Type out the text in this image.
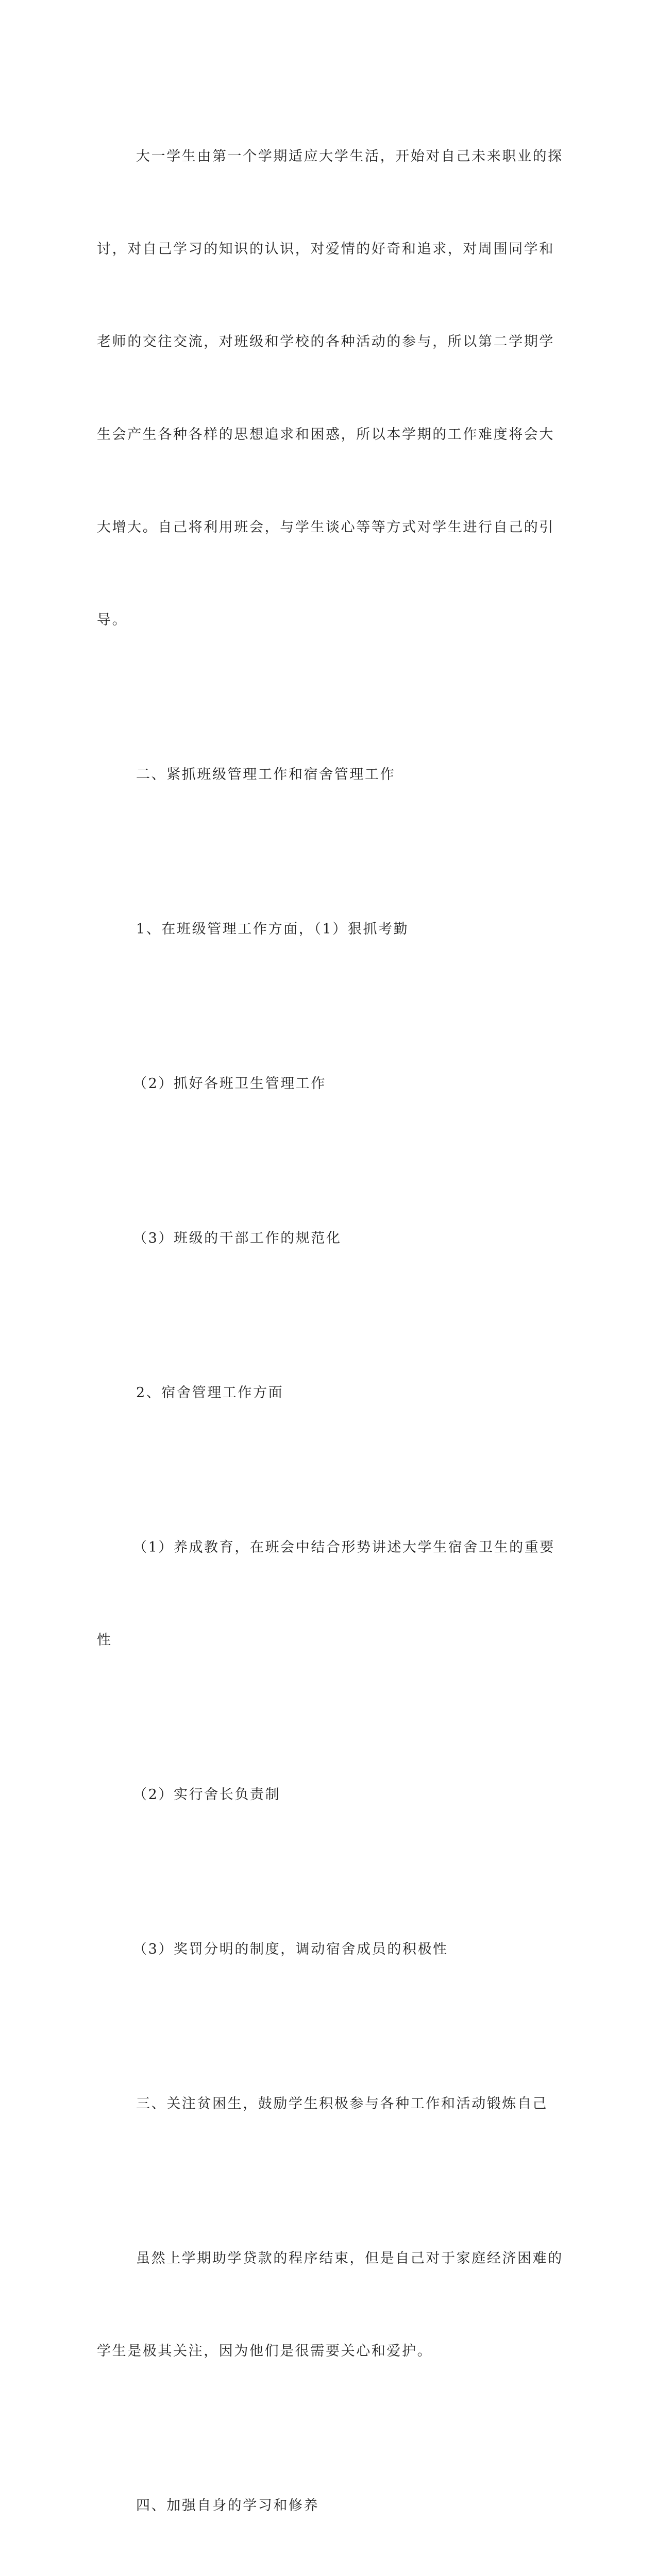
大一学生由第一个学期适应大学生活，开始对自己未来职业的探

讨，对自己学习的知识的认识，对爱情的好奇和追求，对周围同学和

老师的交往交流，对班级和学校的各种活动的参与，所以第二学期学

生会产生各种各样的思想追求和困惑，所以本学期的工作难度将会大

大增大。自己将利用班会，与学生谈心等等方式对学生进行自己的引

导。

二、紧抓班级管理工作和宿舍管理工作

1、在班级管理工作方面，（1）狠抓考勤

（2）抓好各班卫生管理工作

（3）班级的干部工作的规范化

2、宿舍管理工作方面

（1）养成教育，在班会中结合形势讲述大学生宿舍卫生的重要

性

（2）实行舍长负责制

（3）奖罚分明的制度，调动宿舍成员的积极性

三、关注贫困生，鼓励学生积极参与各种工作和活动锻炼自己

虽然上学期助学贷款的程序结束，但是自己对于家庭经济困难的

学生是极其关注，因为他们是很需要关心和爱护。

四、加强自身的学习和修养
